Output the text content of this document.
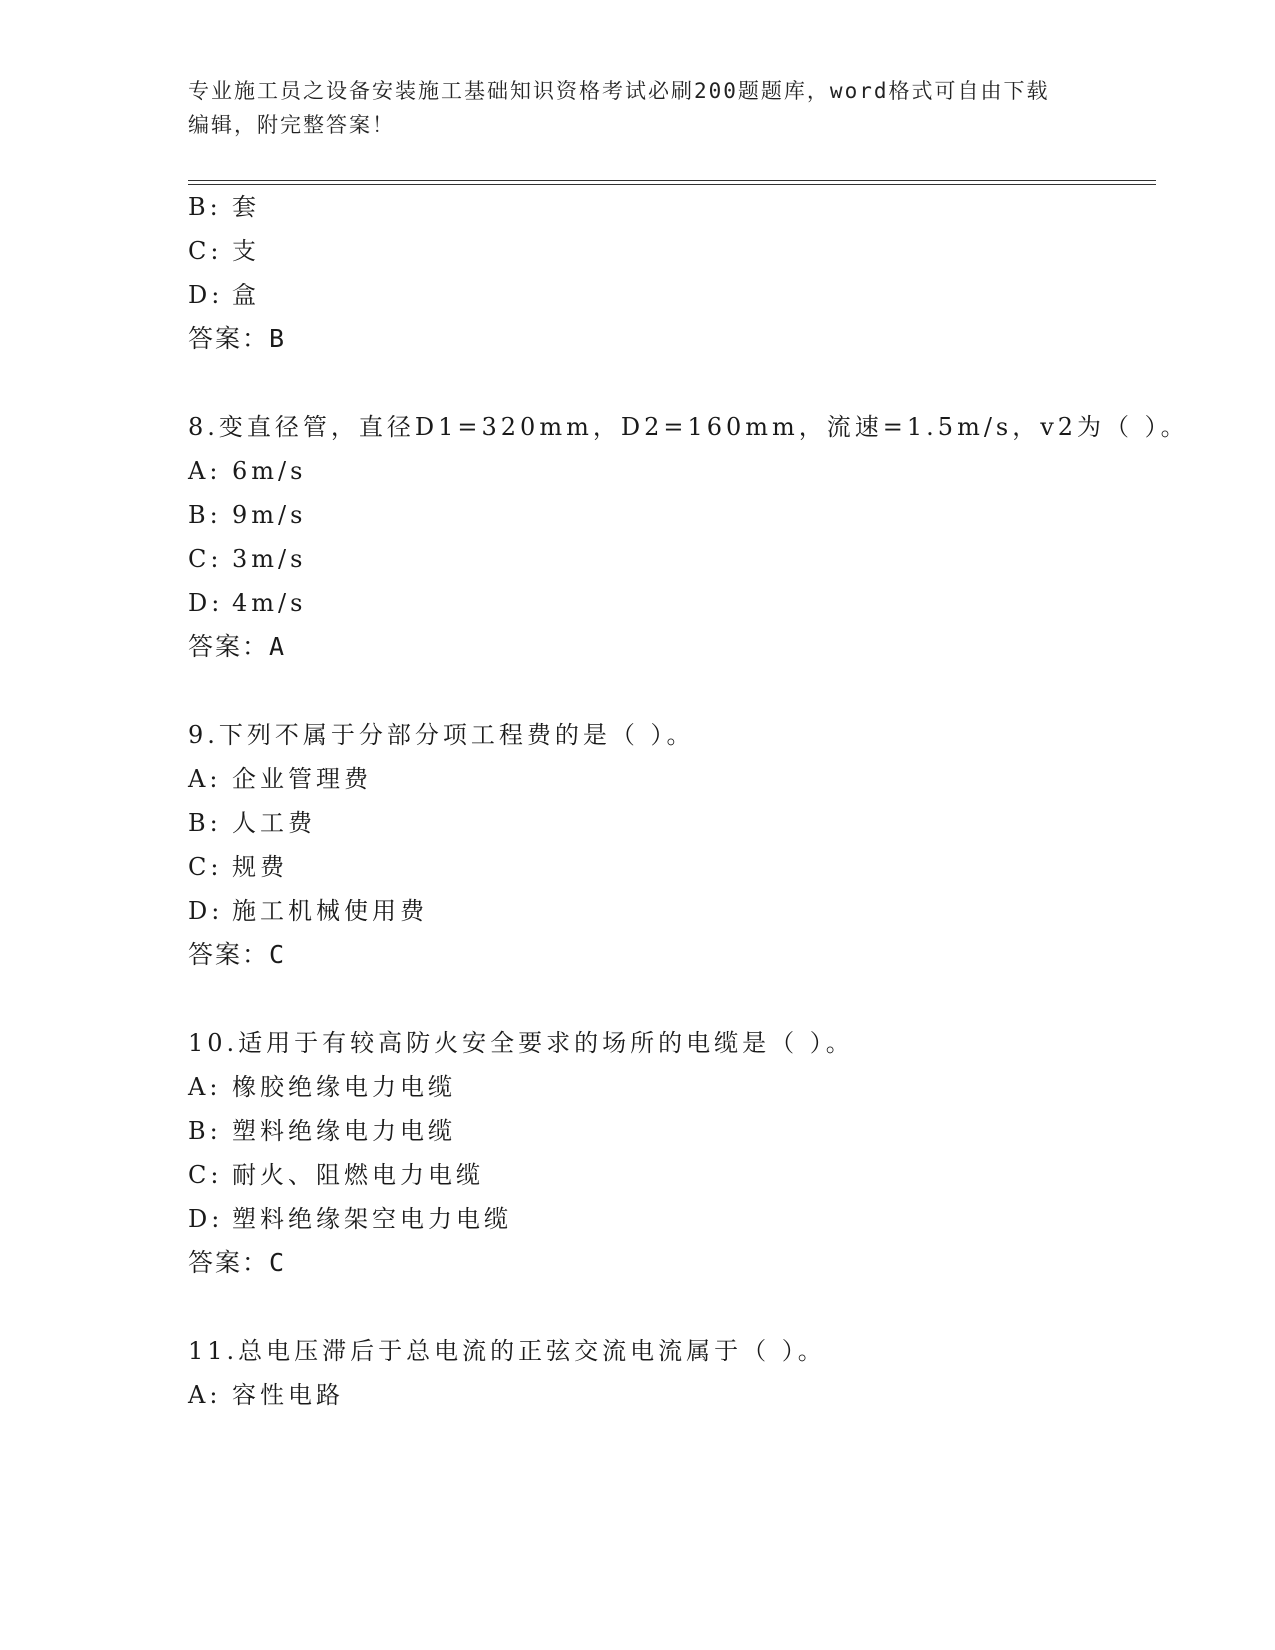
专业施工员之设备安装施工基础知识资格考试必刷200题题库，word格式可自由下载编辑，附完整答案！
B: 套
C: 支
D: 盒
答案：B
8.变直径管，直径D1=320mm，D2=160mm，流速=1.5m/s，v2为（ ）。
A: 6m/s
B: 9m/s
C: 3m/s
D: 4m/s
答案：A
9.下列不属于分部分项工程费的是（ ）。
A: 企业管理费
B: 人工费
C: 规费
D: 施工机械使用费
答案：C
10.适用于有较高防火安全要求的场所的电缆是（ ）。
A: 橡胶绝缘电力电缆
B: 塑料绝缘电力电缆
C: 耐火、阻燃电力电缆
D: 塑料绝缘架空电力电缆
答案：C
11.总电压滞后于总电流的正弦交流电流属于（ ）。
A: 容性电路
